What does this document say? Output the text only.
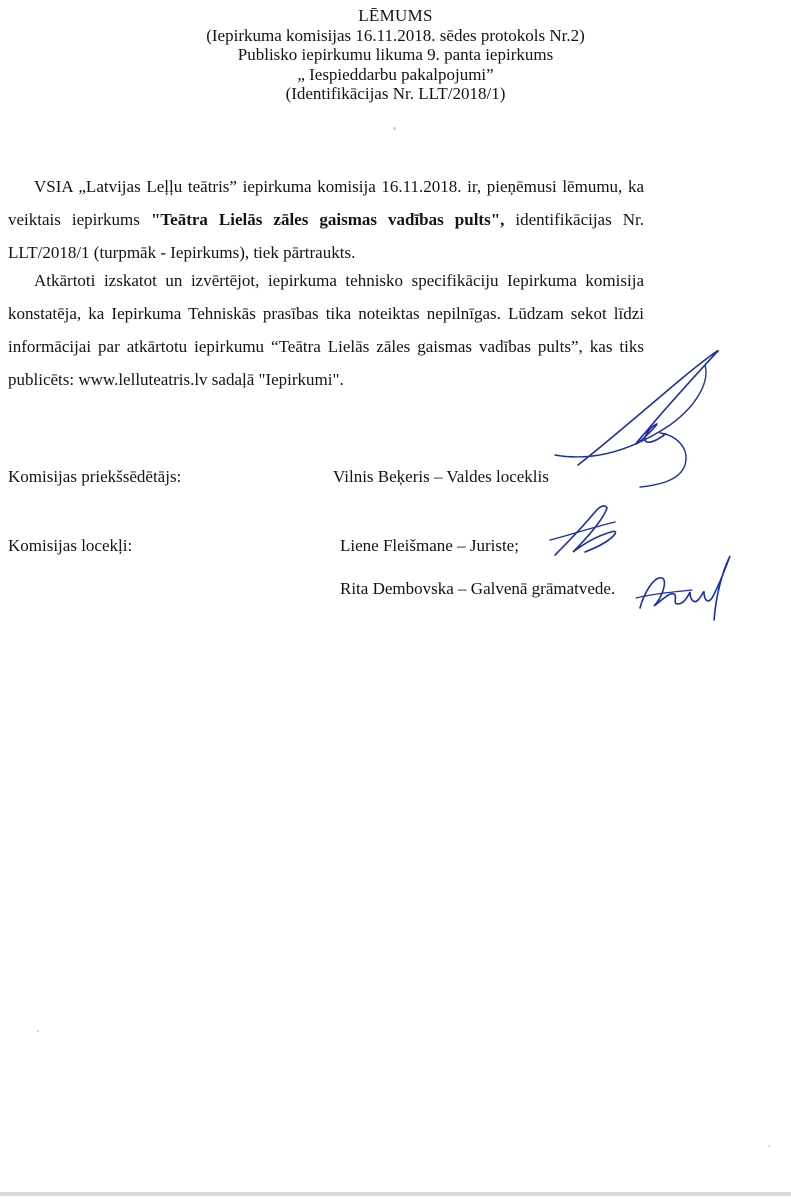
LĒMUMS
(Iepirkuma komisijas 16.11.2018. sēdes protokols Nr.2)
Publisko iepirkumu likuma 9. panta iepirkums
„ Iespieddarbu pakalpojumi”
(Identifikācijas Nr. LLT/2018/1)

VSIA „Latvijas Leļļu teātris” iepirkuma komisija 16.11.2018. ir, pieņēmusi lēmumu, ka veiktais iepirkums "Teātra Lielās zāles gaismas vadības pults", identifikācijas Nr. LLT/2018/1 (turpmāk - Iepirkums), tiek pārtraukts.

Atkārtoti izskatot un izvērtējot, iepirkuma tehnisko specifikāciju Iepirkuma komisija konstatēja, ka Iepirkuma Tehniskās prasības tika noteiktas nepilnīgas. Lūdzam sekot līdzi informācijai par atkārtotu iepirkumu “Teātra Lielās zāles gaismas vadības pults”, kas tiks publicēts: www.lelluteatris.lv sadaļā "Iepirkumi".

Komisijas priekšsēdētājs:	Vilnis Beķeris – Valdes loceklis
Komisijas locekļi:	Liene Fleišmane – Juriste;
Rita Dembovska – Galvenā grāmatvede.
